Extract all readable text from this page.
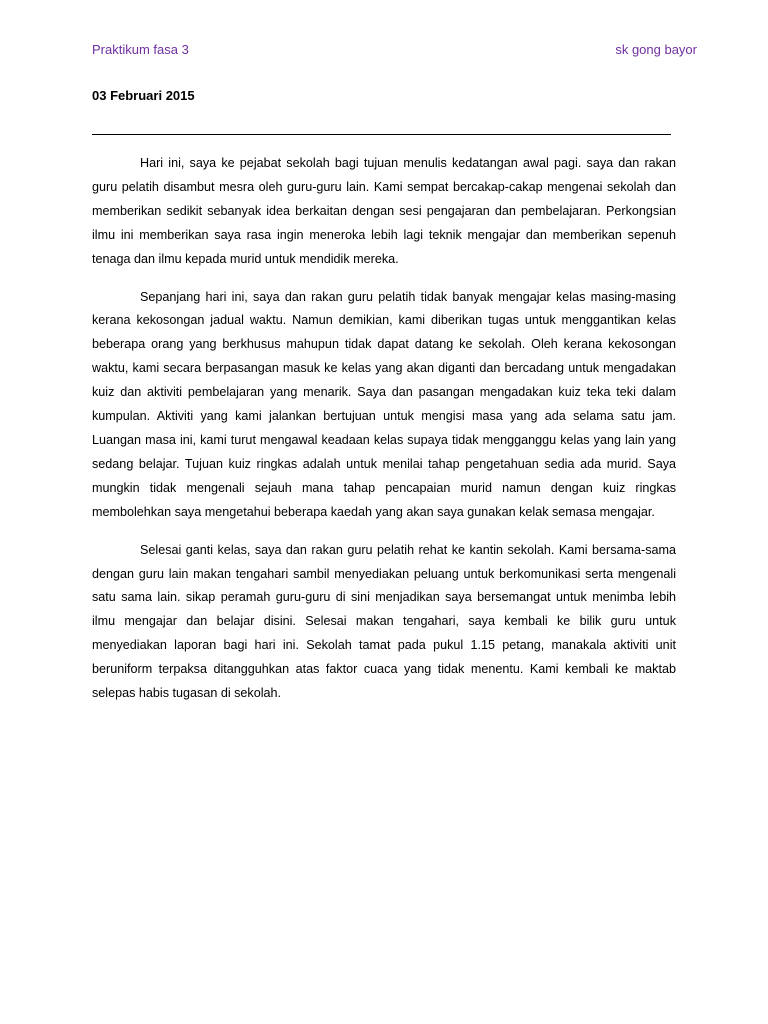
Praktikum fasa 3	sk gong bayor
03 Februari 2015

Hari ini, saya ke pejabat sekolah bagi tujuan menulis kedatangan awal pagi. saya dan rakan guru pelatih disambut mesra oleh guru-guru lain. Kami sempat bercakap-cakap mengenai sekolah dan memberikan sedikit sebanyak idea berkaitan dengan sesi pengajaran dan pembelajaran. Perkongsian ilmu ini memberikan saya rasa ingin meneroka lebih lagi teknik mengajar dan memberikan sepenuh tenaga dan ilmu kepada murid untuk mendidik mereka.

Sepanjang hari ini, saya dan rakan guru pelatih tidak banyak mengajar kelas masing-masing kerana kekosongan jadual waktu. Namun demikian, kami diberikan tugas untuk menggantikan kelas beberapa orang yang berkhusus mahupun tidak dapat datang ke sekolah. Oleh kerana kekosongan waktu, kami secara berpasangan masuk ke kelas yang akan diganti dan bercadang untuk mengadakan kuiz dan aktiviti pembelajaran yang menarik. Saya dan pasangan mengadakan kuiz teka teki dalam kumpulan. Aktiviti yang kami jalankan bertujuan untuk mengisi masa yang ada selama satu jam. Luangan masa ini, kami turut mengawal keadaan kelas supaya tidak mengganggu kelas yang lain yang sedang belajar. Tujuan kuiz ringkas adalah untuk menilai tahap pengetahuan sedia ada murid. Saya mungkin tidak mengenali sejauh mana tahap pencapaian murid namun dengan kuiz ringkas membolehkan saya mengetahui beberapa kaedah yang akan saya gunakan kelak semasa mengajar.

Selesai ganti kelas, saya dan rakan guru pelatih rehat ke kantin sekolah. Kami bersama-sama dengan guru lain makan tengahari sambil menyediakan peluang untuk berkomunikasi serta mengenali satu sama lain. sikap peramah guru-guru di sini menjadikan saya bersemangat untuk menimba lebih ilmu mengajar dan belajar disini. Selesai makan tengahari, saya kembali ke bilik guru untuk menyediakan laporan bagi hari ini. Sekolah tamat pada pukul 1.15 petang, manakala aktiviti unit beruniform terpaksa ditangguhkan atas faktor cuaca yang tidak menentu. Kami kembali ke maktab selepas habis tugasan di sekolah.
